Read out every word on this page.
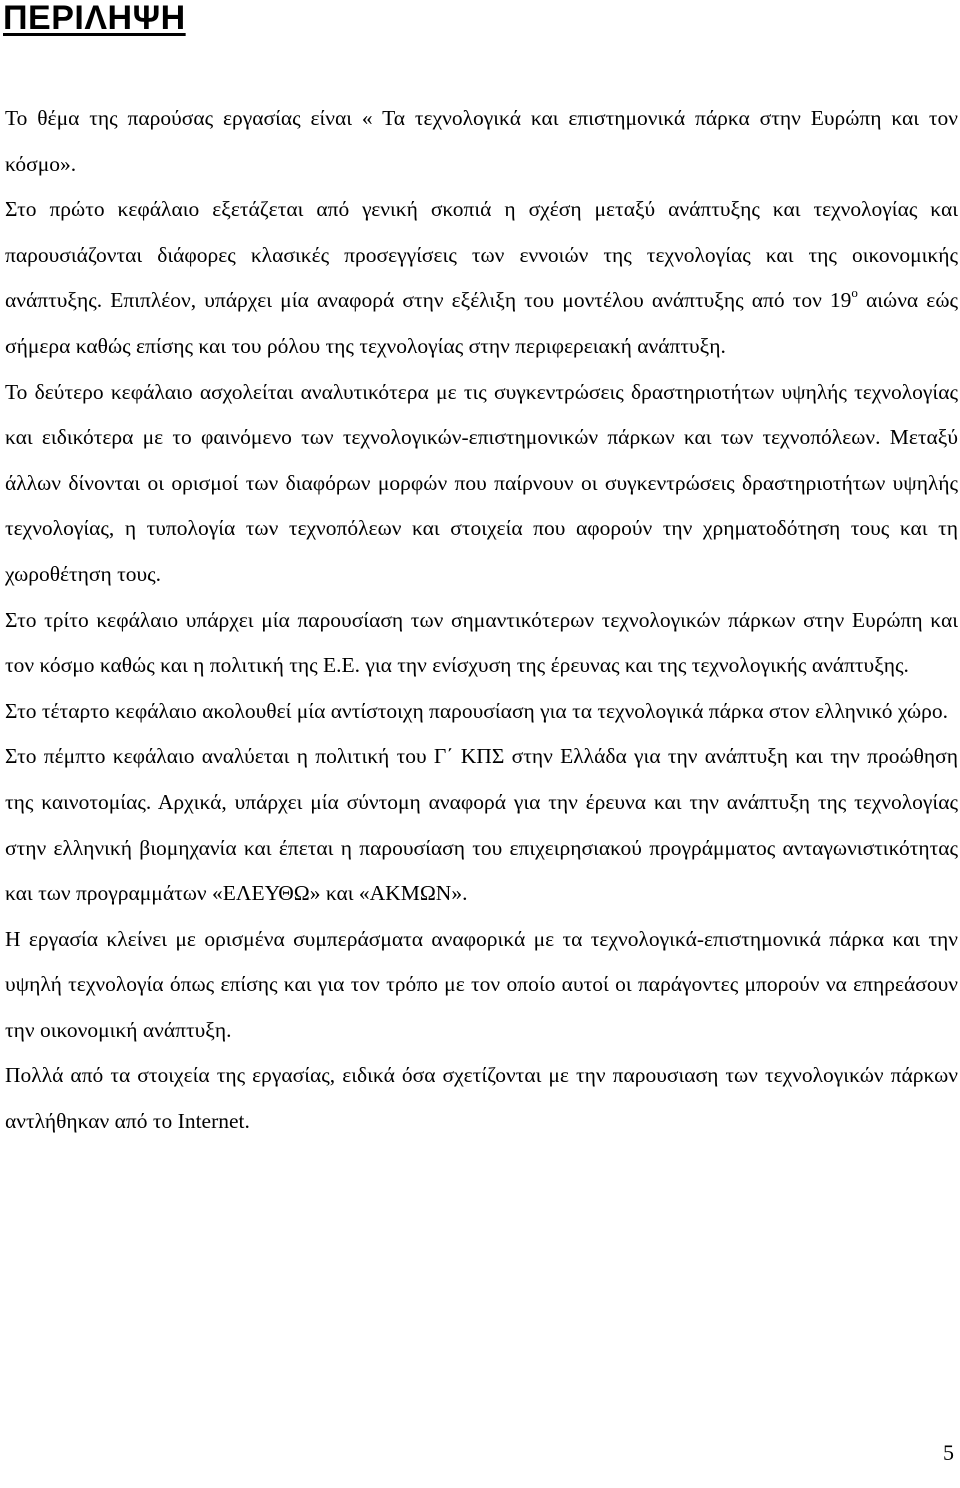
ΠΕΡΙΛΗΨΗ

Το θέμα της παρούσας εργασίας είναι « Τα τεχνολογικά και επιστημονικά πάρκα στην Ευρώπη και τον κόσμο».

Στο πρώτο κεφάλαιο εξετάζεται από γενική σκοπιά η σχέση μεταξύ ανάπτυξης και τεχνολογίας και παρουσιάζονται διάφορες κλασικές προσεγγίσεις των εννοιών της τεχνολογίας και της οικονομικής ανάπτυξης. Επιπλέον, υπάρχει μία αναφορά στην εξέλιξη του μοντέλου ανάπτυξης από τον $19^o$ αιώνα εώς σήμερα καθώς επίσης και του ρόλου της τεχνολογίας στην περιφερειακή ανάπτυξη.

Το δεύτερο κεφάλαιο ασχολείται αναλυτικότερα με τις συγκεντρώσεις δραστηριοτήτων υψηλής τεχνολογίας και ειδικότερα με το φαινόμενο των τεχνολογικών-επιστημονικών πάρκων και των τεχνοπόλεων. Μεταξύ άλλων δίνονται οι ορισμοί των διαφόρων μορφών που παίρνουν οι συγκεντρώσεις δραστηριοτήτων υψηλής τεχνολογίας, η τυπολογία των τεχνοπόλεων και στοιχεία που αφορούν την χρηματοδότηση τους και τη χωροθέτηση τους.

Στο τρίτο κεφάλαιο υπάρχει μία παρουσίαση των σημαντικότερων τεχνολογικών πάρκων στην Ευρώπη και τον κόσμο καθώς και η πολιτική της Ε.Ε. για την ενίσχυση της έρευνας και της τεχνολογικής ανάπτυξης.

Στο τέταρτο κεφάλαιο ακολουθεί μία αντίστοιχη παρουσίαση για τα τεχνολογικά πάρκα στον ελληνικό χώρο.

Στο πέμπτο κεφάλαιο αναλύεται η πολιτική του Γ΄ ΚΠΣ στην Ελλάδα για την ανάπτυξη και την προώθηση της καινοτομίας. Αρχικά, υπάρχει μία σύντομη αναφορά για την έρευνα και την ανάπτυξη της τεχνολογίας στην ελληνική βιομηχανία και έπεται η παρουσίαση του επιχειρησιακού προγράμματος ανταγωνιστικότητας και των προγραμμάτων «ΕΛΕΥΘΩ» και «ΑΚΜΩΝ».

Η εργασία κλείνει με ορισμένα συμπεράσματα αναφορικά με τα τεχνολογικά-επιστημονικά πάρκα και την υψηλή τεχνολογία όπως επίσης και για τον τρόπο με τον οποίο αυτοί οι παράγοντες μπορούν να επηρεάσουν την οικονομική ανάπτυξη.

Πολλά από τα στοιχεία της εργασίας, ειδικά όσα σχετίζονται με την παρουσιαση των τεχνολογικών πάρκων αντλήθηκαν από το Internet.

5
